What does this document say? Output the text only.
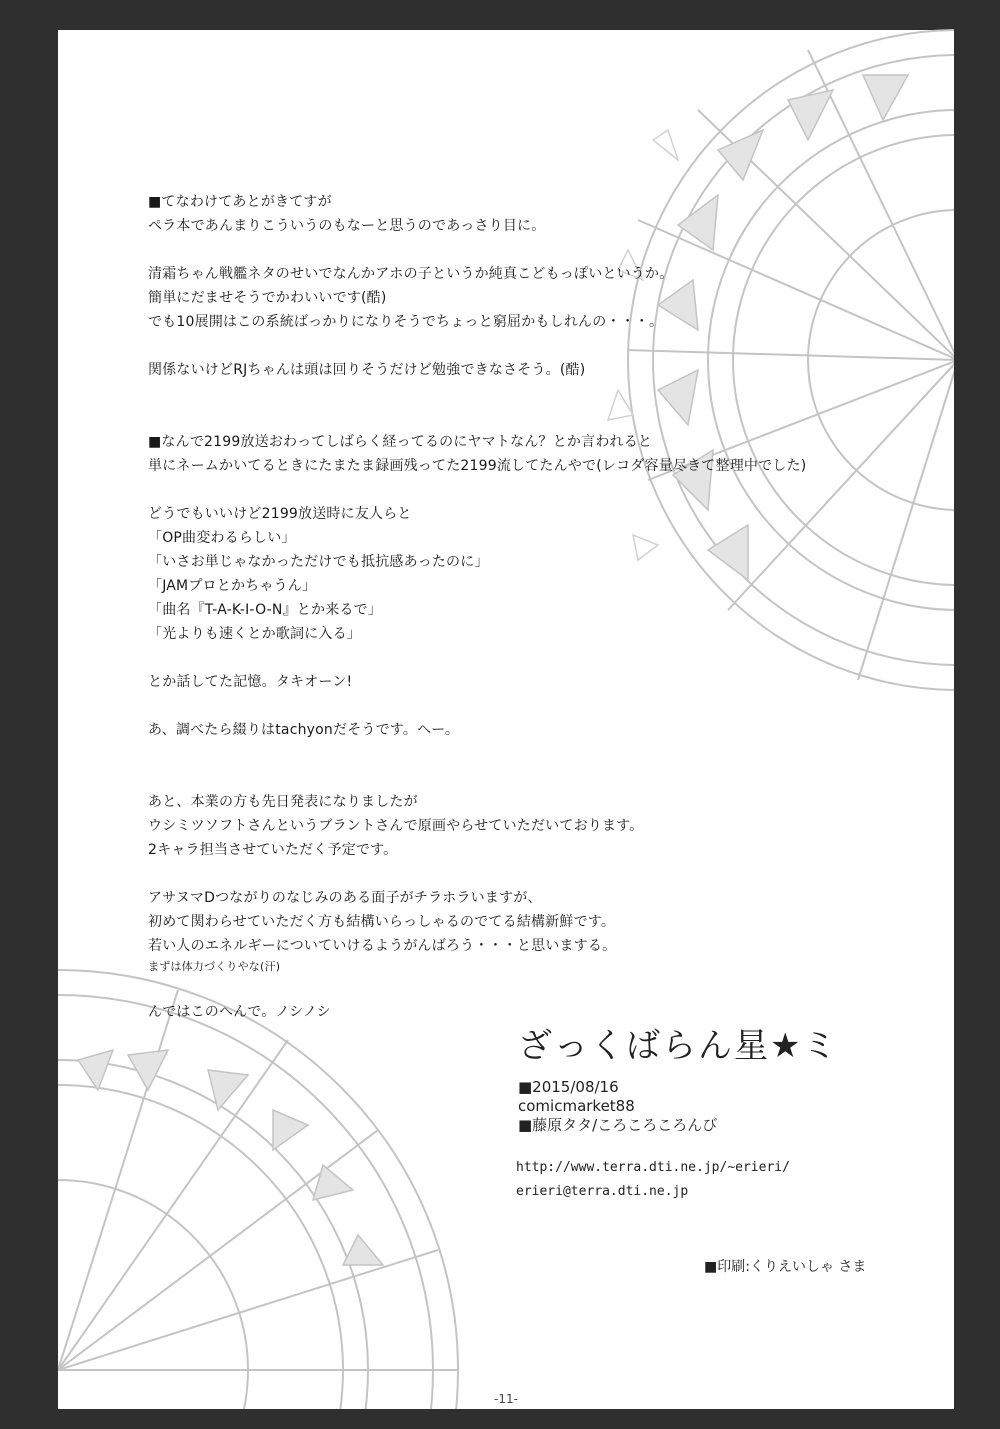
■てなわけてあとがきてすが
ペラ本であんまりこういうのもなーと思うのであっさり目に。
清霜ちゃん戦艦ネタのせいでなんかアホの子というか純真こどもっぽいというか。
簡単にだませそうでかわいいです(酷)
でも10展開はこの系統ばっかりになりそうでちょっと窮屈かもしれんの・・・。
関係ないけどRJちゃんは頭は回りそうだけど勉強できなさそう。(酷)
■なんで2199放送おわってしばらく経ってるのにヤマトなん？とか言われると
単にネームかいてるときにたまたま録画残ってた2199流してたんやで(レコダ容量尽きて整理中でした)
どうでもいいけど2199放送時に友人らと
「OP曲変わるらしい」
「いさお単じゃなかっただけでも抵抗感あったのに」
「JAMプロとかちゃうん」
「曲名『T-A-K-I-O-N』とか来るで」
「光よりも速くとか歌詞に入る」
とか話してた記憶。タキオーン!
あ、調べたら綴りはtachyonだそうです。へー。
あと、本業の方も先日発表になりましたが
ウシミツソフトさんというブラントさんで原画やらせていただいております。
2キャラ担当させていただく予定です。
アサヌマDつながりのなじみのある面子がチラホラいますが、
初めて関わらせていただく方も結構いらっしゃるのでてる結構新鮮です。
若い人のエネルギーについていけるようがんばろう・・・と思いまする。
まずは体力づくりやな(汗)
んではこのへんで。ノシノシ
ざっくばらん星★ミ
■2015/08/16
comicmarket88
■藤原タタ/ころころころんび
http://www.terra.dti.ne.jp/~erieri/
erieri@terra.dti.ne.jp
■印刷:くりえいしゃ さま
-11-
